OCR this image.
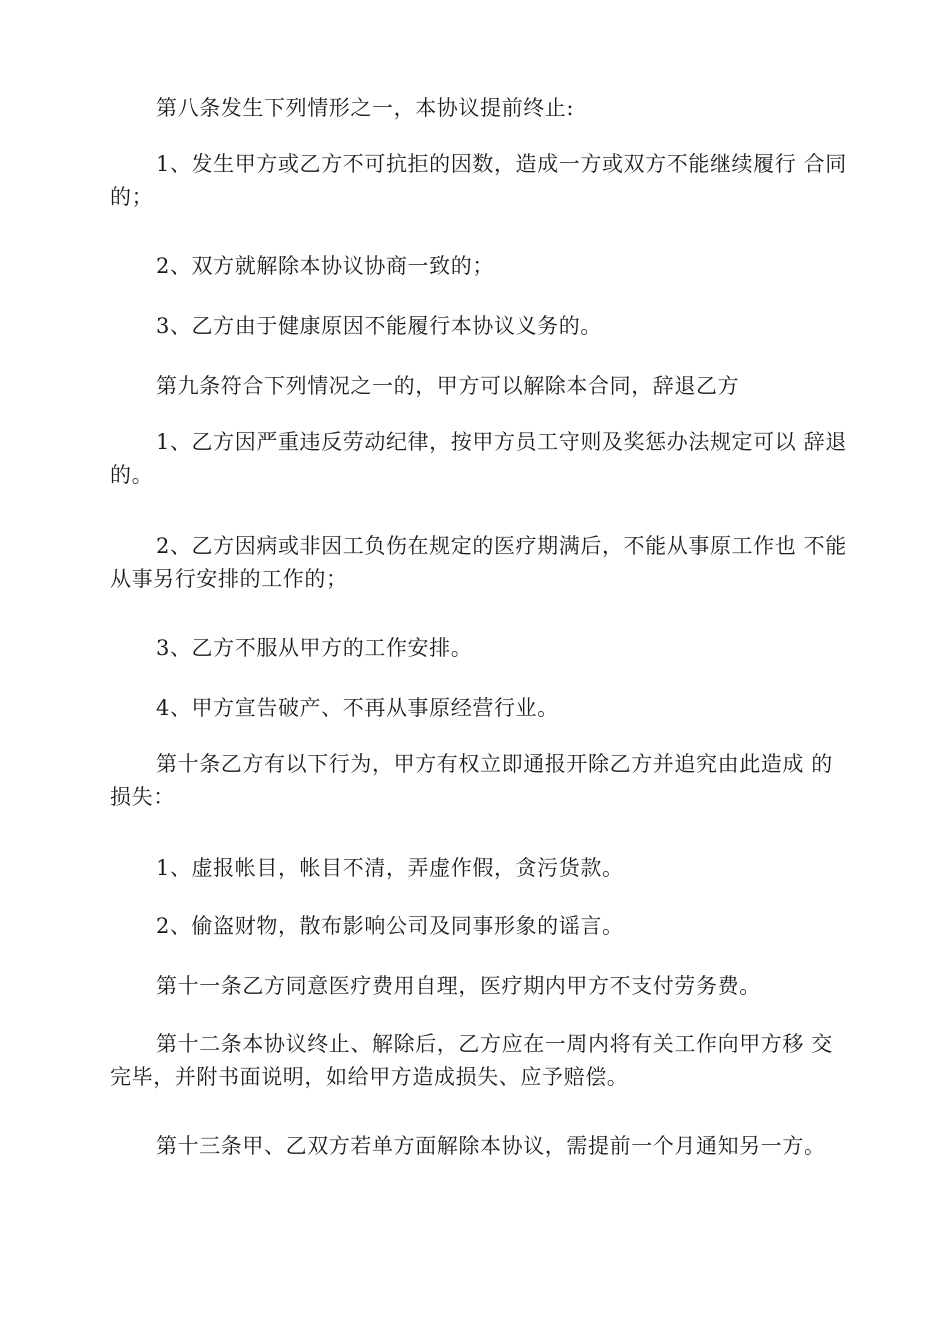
第八条发生下列情形之一，本协议提前终止:

1、发生甲方或乙方不可抗拒的因数，造成一方或双方不能继续履行 合同的；

2、双方就解除本协议协商一致的；

3、乙方由于健康原因不能履行本协议义务的。

第九条符合下列情况之一的，甲方可以解除本合同，辞退乙方

1、乙方因严重违反劳动纪律，按甲方员工守则及奖惩办法规定可以 辞退的。

2、乙方因病或非因工负伤在规定的医疗期满后，不能从事原工作也 不能从事另行安排的工作的；

3、乙方不服从甲方的工作安排。

4、甲方宣告破产、不再从事原经营行业。

第十条乙方有以下行为，甲方有权立即通报开除乙方并追究由此造成 的损失：

1、虚报帐目，帐目不清，弄虚作假，贪污货款。

2、偷盗财物，散布影响公司及同事形象的谣言。

第十一条乙方同意医疗费用自理，医疗期内甲方不支付劳务费。

第十二条本协议终止、解除后，乙方应在一周内将有关工作向甲方移 交完毕，并附书面说明，如给甲方造成损失、应予赔偿。

第十三条甲、乙双方若单方面解除本协议，需提前一个月通知另一方。
